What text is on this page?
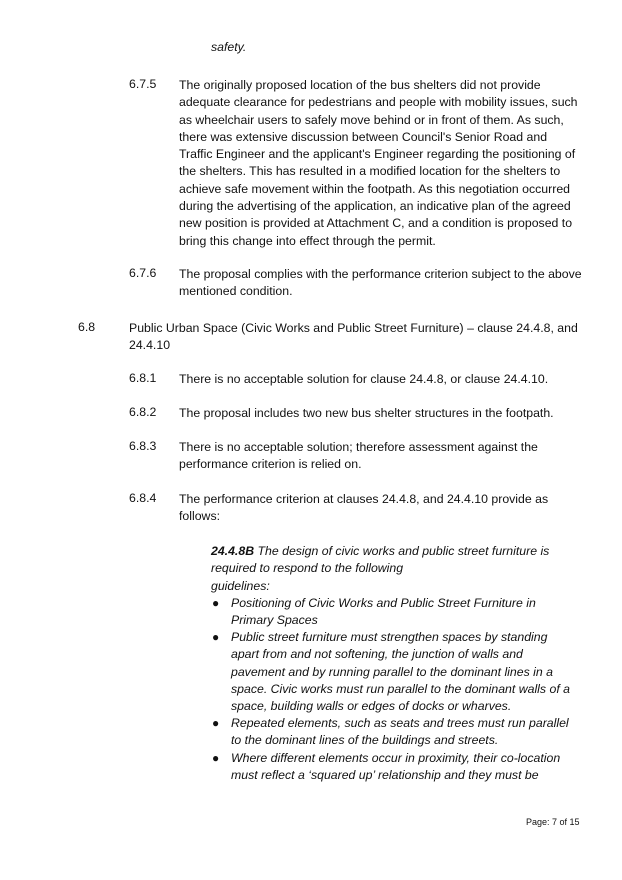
safety.
6.7.5 The originally proposed location of the bus shelters did not provide
adequate clearance for pedestrians and people with mobility issues, such
as wheelchair users to safely move behind or in front of them. As such,
there was extensive discussion between Council's Senior Road and
Traffic Engineer and the applicant's Engineer regarding the positioning of
the shelters. This has resulted in a modified location for the shelters to
achieve safe movement within the footpath. As this negotiation occurred
during the advertising of the application, an indicative plan of the agreed
new position is provided at Attachment C, and a condition is proposed to
bring this change into effect through the permit.
6.7.6 The proposal complies with the performance criterion subject to the above
mentioned condition.
6.8	Public Urban Space (Civic Works and Public Street Furniture) – clause 24.4.8, and
24.4.10
6.8.1 There is no acceptable solution for clause 24.4.8, or clause 24.4.10.
6.8.2 The proposal includes two new bus shelter structures in the footpath.
6.8.3 There is no acceptable solution; therefore assessment against the
performance criterion is relied on.
6.8.4 The performance criterion at clauses 24.4.8, and 24.4.10 provide as
follows:
24.4.8B The design of civic works and public street furniture is
required to respond to the following
guidelines:
● Positioning of Civic Works and Public Street Furniture in
Primary Spaces
● Public street furniture must strengthen spaces by standing
apart from and not softening, the junction of walls and
pavement and by running parallel to the dominant lines in a
space. Civic works must run parallel to the dominant walls of a
space, building walls or edges of docks or wharves.
● Repeated elements, such as seats and trees must run parallel
to the dominant lines of the buildings and streets.
● Where different elements occur in proximity, their co-location
must reflect a ‘squared up’ relationship and they must be
Page: 7 of 15
